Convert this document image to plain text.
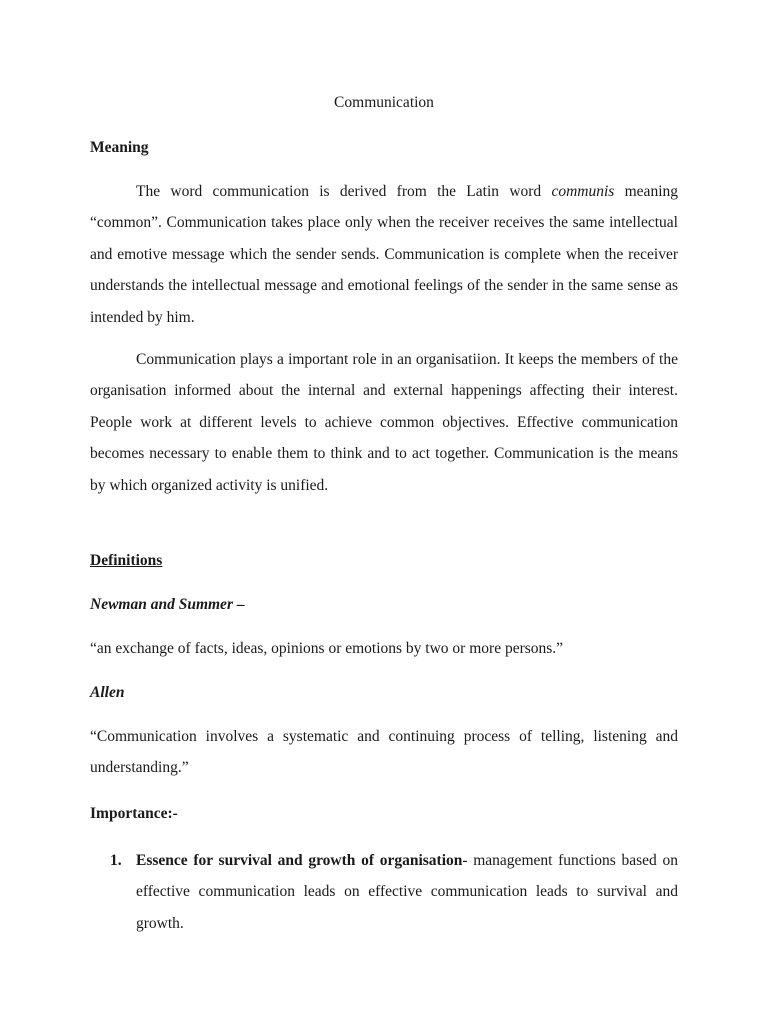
Communication

Meaning

The word communication is derived from the Latin word communis meaning “common”. Communication takes place only when the receiver receives the same intellectual and emotive message which the sender sends. Communication is complete when the receiver understands the intellectual message and emotional feelings of the sender in the same sense as intended by him.

Communication plays a important role in an organisatiion. It keeps the members of the organisation informed about the internal and external happenings affecting their interest. People work at different levels to achieve common objectives. Effective communication becomes necessary to enable them to think and to act together. Communication is the means by which organized activity is unified.

Definitions

Newman and Summer –

“an exchange of facts, ideas, opinions or emotions by two or more persons.”

Allen

“Communication involves a systematic and continuing process of telling, listening and understanding.”

Importance:-

1. Essence for survival and growth of organisation- management functions based on effective communication leads on effective communication leads to survival and growth.
